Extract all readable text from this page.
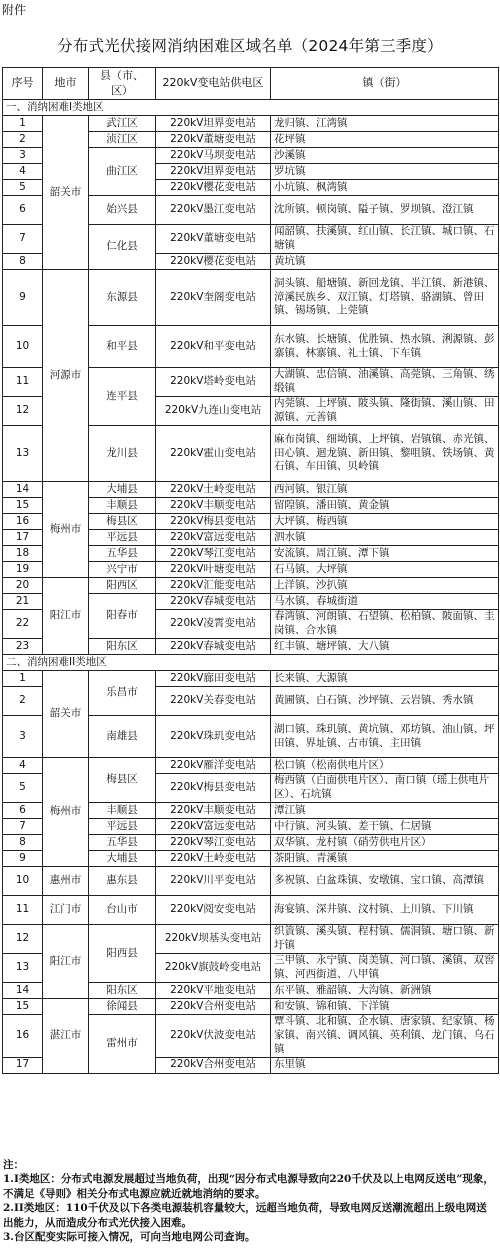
附件
分布式光伏接网消纳困难区域名单（2024年第三季度）
序号	地市	县（市、区）	220kV变电站供电区	镇（街）
一、消纳困难I类地区				
1	韶关市	武江区	220kV坦界变电站	龙归镇、江湾镇
2		浈江区	220kV董塘变电站	花坪镇
3		曲江区	220kV马坝变电站	沙溪镇
4			220kV坦界变电站	罗坑镇
5			220kV樱花变电站	小坑镇、枫湾镇
6		始兴县	220kV墨江变电站	沈所镇、顿岗镇、隘子镇、罗坝镇、澄江镇
7		仁化县	220kV董塘变电站	闻韶镇、扶溪镇、红山镇、长江镇、城口镇、石塘镇
8			220kV樱花变电站	黄坑镇
9	河源市	东源县	220kV奎阁变电站	洞头镇、船塘镇、新回龙镇、半江镇、新港镇、漳溪民族乡、双江镇、灯塔镇、骆湖镇、曾田镇、锡场镇、上莞镇
10		和平县	220kV和平变电站	东水镇、长塘镇、优胜镇、热水镇、浰源镇、彭寨镇、林寨镇、礼士镇、下车镇
11		连平县	220kV塔岭变电站	大湖镇、忠信镇、油溪镇、高莞镇、三角镇、绣缎镇
12			220kV九连山变电站	内莞镇、上坪镇、陂头镇、隆街镇、溪山镇、田源镇、元善镇
13		龙川县	220kV霍山变电站	麻布岗镇、细坳镇、上坪镇、岩镇镇、赤光镇、田心镇、迴龙镇、新田镇、黎咀镇、铁场镇、黄石镇、车田镇、贝岭镇
14	梅州市	大埔县	220kV土岭变电站	西河镇、银江镇
15		丰顺县	220kV丰顺变电站	留隍镇、潘田镇、黄金镇
16		梅县区	220kV梅县变电站	大坪镇、梅西镇
17		平远县	220kV富远变电站	泗水镇
18		五华县	220kV琴江变电站	安流镇、周江镇、潭下镇
19		兴宁市	220kV叶塘变电站	石马镇、大坪镇
20	阳江市	阳西区	220kV汇能变电站	上洋镇、沙扒镇
21		阳春市	220kV春城变电站	马水镇、春城街道
22			220kV凌霄变电站	春湾镇、河朗镇、石望镇、松柏镇、陂面镇、圭岗镇、合水镇
23		阳东区	220kV春城变电站	红丰镇、塘坪镇、大八镇
二、消纳困难II类地区				
1	韶关市	乐昌市	220kV廊田变电站	长来镇、大源镇
2			220kV关春变电站	黄圃镇、白石镇、沙坪镇、云岩镇、秀水镇
3		南雄县	220kV珠玑变电站	湖口镇、珠玑镇、黄坑镇、邓坊镇、油山镇、坪田镇、界址镇、古市镇、主田镇
4	梅州市	梅县区	220kV雁洋变电站	松口镇（松南供电片区）
5			220kV梅县变电站	梅西镇（白面供电片区）、南口镇（瑶上供电片区）、石坑镇
6		丰顺县	220kV丰顺变电站	潭江镇
7		平远县	220kV富远变电站	中行镇、河头镇、差干镇、仁居镇
8		五华县	220kV琴江变电站	双华镇、龙村镇（硝劳供电片区）
9		大埔县	220kV土岭变电站	茶阳镇、青溪镇
10	惠州市	惠东县	220kV川平变电站	多祝镇、白盆珠镇、安墩镇、宝口镇、高潭镇
11	江门市	台山市	220kV阅安变电站	海宴镇、深井镇、汶村镇、上川镇、下川镇
12	阳江市	阳西县	220kV坝基头变电站	织篢镇、溪头镇、程村镇、儒洞镇、塘口镇、新圩镇
13			220kV旗鼓岭变电站	三甲镇、永宁镇、岗美镇、河口镇、溪镇、双窖镇、河西街道、八甲镇
14		阳东区	220kV平地变电站	东平镇、雅韶镇、大沟镇、新洲镇
15	湛江市	徐闻县	220kV合州变电站	和安镇、锦和镇、下洋镇
16		雷州市	220kV伏波变电站	覃斗镇、北和镇、企水镇、唐家镇、纪家镇、杨家镇、南兴镇、调风镇、英利镇、龙门镇、乌石镇
17			220kV合州变电站	东里镇
注：
1.I类地区：分布式电源发展超过当地负荷，出现“因分布式电源导致向220千伏及以上电网反送电”现象，不满足《导则》相关分布式电源应就近就地消纳的要求。
2.II类地区：110千伏及以下各类电源装机容量较大，远超当地负荷，导致电网反送潮流超出上级电网送出能力，从而造成分布式光伏接入困难。
3.台区配变实际可接入情况，可向当地电网公司查询。
